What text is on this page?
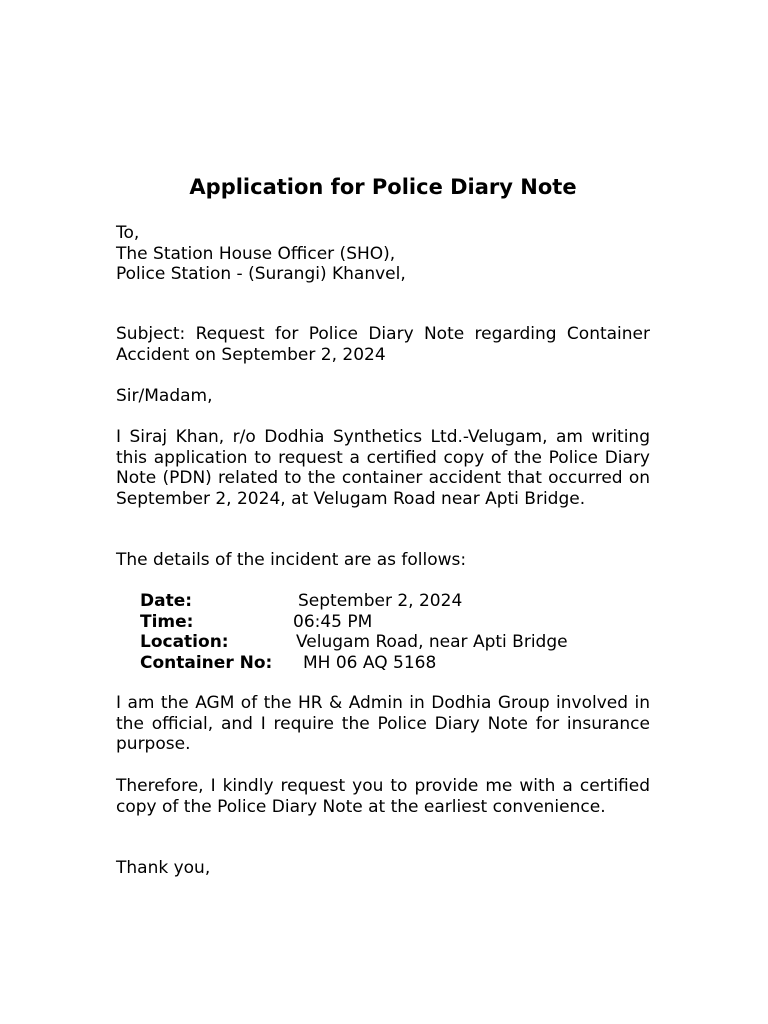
Application for Police Diary Note
To,
The Station House Officer (SHO),
Police Station - (Surangi) Khanvel,
Subject: Request for Police Diary Note regarding Container Accident on September 2, 2024
Sir/Madam,
I Siraj Khan, r/o Dodhia Synthetics Ltd.-Velugam, am writing this application to request a certified copy of the Police Diary Note (PDN) related to the container accident that occurred on September 2, 2024, at Velugam Road near Apti Bridge.
The details of the incident are as follows:
Date:	September 2, 2024
Time:	06:45 PM
Location:	Velugam Road, near Apti Bridge
Container No: MH 06 AQ 5168
I am the AGM of the HR & Admin in Dodhia Group involved in the official, and I require the Police Diary Note for insurance purpose.
Therefore, I kindly request you to provide me with a certified copy of the Police Diary Note at the earliest convenience.
Thank you,
